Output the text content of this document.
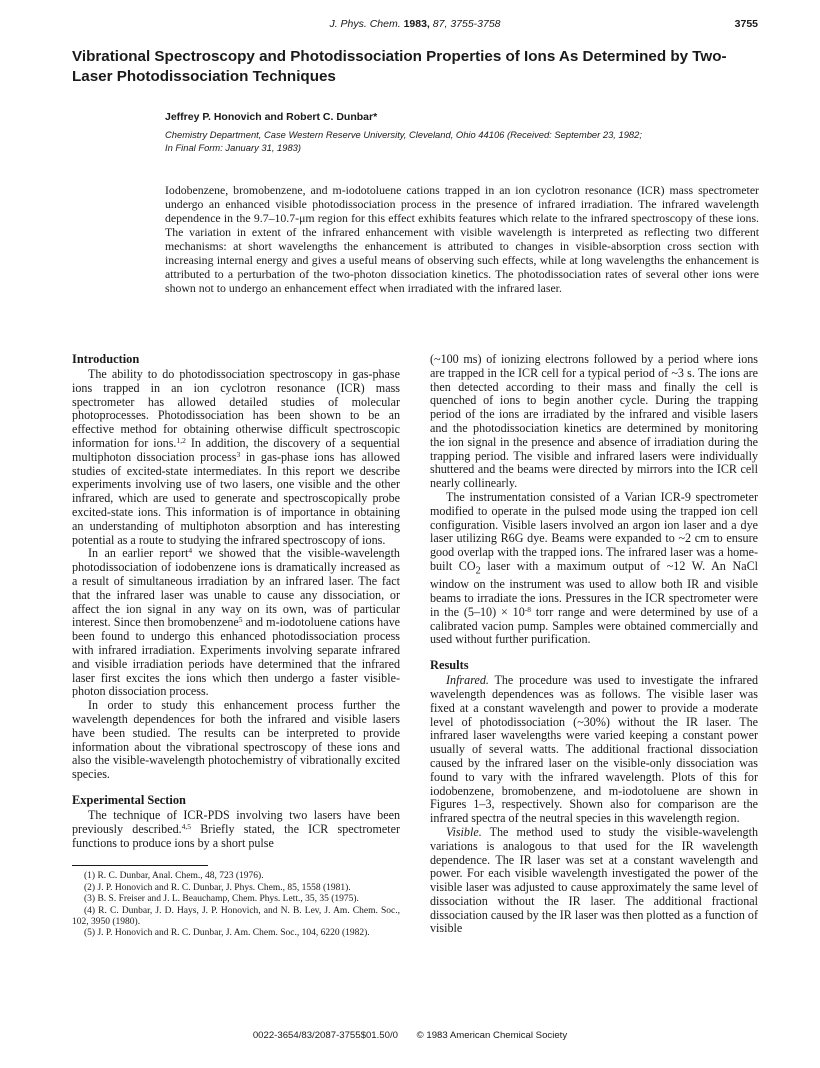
J. Phys. Chem. 1983, 87, 3755-3758	3755
Vibrational Spectroscopy and Photodissociation Properties of Ions As Determined by Two-Laser Photodissociation Techniques
Jeffrey P. Honovich and Robert C. Dunbar*
Chemistry Department, Case Western Reserve University, Cleveland, Ohio 44106 (Received: September 23, 1982;
In Final Form: January 31, 1983)

Iodobenzene, bromobenzene, and m-iodotoluene cations trapped in an ion cyclotron resonance (ICR) mass spectrometer undergo an enhanced visible photodissociation process in the presence of infrared irradiation. The infrared wavelength dependence in the 9.7–10.7-μm region for this effect exhibits features which relate to the infrared spectroscopy of these ions. The variation in extent of the infrared enhancement with visible wavelength is interpreted as reflecting two different mechanisms: at short wavelengths the enhancement is attributed to changes in visible-absorption cross section with increasing internal energy and gives a useful means of observing such effects, while at long wavelengths the enhancement is attributed to a perturbation of the two-photon dissociation kinetics. The photodissociation rates of several other ions were shown not to undergo an enhancement effect when irradiated with the infrared laser.

Introduction

The ability to do photodissociation spectroscopy in gas-phase ions trapped in an ion cyclotron resonance (ICR) mass spectrometer has allowed detailed studies of molecular photoprocesses. Photodissociation has been shown to be an effective method for obtaining otherwise difficult spectroscopic information for ions.$^{1,2}$ In addition, the discovery of a sequential multiphoton dissociation process$^3$ in gas-phase ions has allowed studies of excited-state intermediates. In this report we describe experiments involving use of two lasers, one visible and the other infrared, which are used to generate and spectroscopically probe excited-state ions. This information is of importance in obtaining an understanding of multiphoton absorption and has interesting potential as a route to studying the infrared spectroscopy of ions.

In an earlier report$^4$ we showed that the visible-wavelength photodissociation of iodobenzene ions is dramatically increased as a result of simultaneous irradiation by an infrared laser. The fact that the infrared laser was unable to cause any dissociation, or affect the ion signal in any way on its own, was of particular interest. Since then bromobenzene$^5$ and m-iodotoluene cations have been found to undergo this enhanced photodissociation process with infrared irradiation. Experiments involving separate infrared and visible irradiation periods have determined that the infrared laser first excites the ions which then undergo a faster visible-photon dissociation process.

In order to study this enhancement process further the wavelength dependences for both the infrared and visible lasers have been studied. The results can be interpreted to provide information about the vibrational spectroscopy of these ions and also the visible-wavelength photochemistry of vibrationally excited species.

Experimental Section

The technique of ICR-PDS involving two lasers have been previously described.$^{4,5}$ Briefly stated, the ICR spectrometer functions to produce ions by a short pulse

(1) R. C. Dunbar, Anal. Chem., 48, 723 (1976).
(2) J. P. Honovich and R. C. Dunbar, J. Phys. Chem., 85, 1558 (1981).
(3) B. S. Freiser and J. L. Beauchamp, Chem. Phys. Lett., 35, 35 (1975).
(4) R. C. Dunbar, J. D. Hays, J. P. Honovich, and N. B. Lev, J. Am. Chem. Soc., 102, 3950 (1980).
(5) J. P. Honovich and R. C. Dunbar, J. Am. Chem. Soc., 104, 6220 (1982).

(~100 ms) of ionizing electrons followed by a period where ions are trapped in the ICR cell for a typical period of ~3 s. The ions are then detected according to their mass and finally the cell is quenched of ions to begin another cycle. During the trapping period of the ions are irradiated by the infrared and visible lasers and the photodissociation kinetics are determined by monitoring the ion signal in the presence and absence of irradiation during the trapping period. The visible and infrared lasers were individually shuttered and the beams were directed by mirrors into the ICR cell nearly collinearly.

The instrumentation consisted of a Varian ICR-9 spectrometer modified to operate in the pulsed mode using the trapped ion cell configuration. Visible lasers involved an argon ion laser and a dye laser utilizing R6G dye. Beams were expanded to ~2 cm to ensure good overlap with the trapped ions. The infrared laser was a home-built $CO_2$ laser with a maximum output of ~12 W. An NaCl window on the instrument was used to allow both IR and visible beams to irradiate the ions. Pressures in the ICR spectrometer were in the $(5-10) \times 10^{-8}$ torr range and were determined by use of a calibrated vacion pump. Samples were obtained commercially and used without further purification.

Results

Infrared. The procedure was used to investigate the infrared wavelength dependences was as follows. The visible laser was fixed at a constant wavelength and power to provide a moderate level of photodissociation (~30%) without the IR laser. The infrared laser wavelengths were varied keeping a constant power usually of several watts. The additional fractional dissociation caused by the infrared laser on the visible-only dissociation was found to vary with the infrared wavelength. Plots of this for iodobenzene, bromobenzene, and m-iodotoluene are shown in Figures 1–3, respectively. Shown also for comparison are the infrared spectra of the neutral species in this wavelength region.

Visible. The method used to study the visible-wavelength variations is analogous to that used for the IR wavelength dependence. The IR laser was set at a constant wavelength and power. For each visible wavelength investigated the power of the visible laser was adjusted to cause approximately the same level of dissociation without the IR laser. The additional fractional dissociation caused by the IR laser was then plotted as a function of visible

0022-3654/83/2087-3755$01.50/0 © 1983 American Chemical Society
